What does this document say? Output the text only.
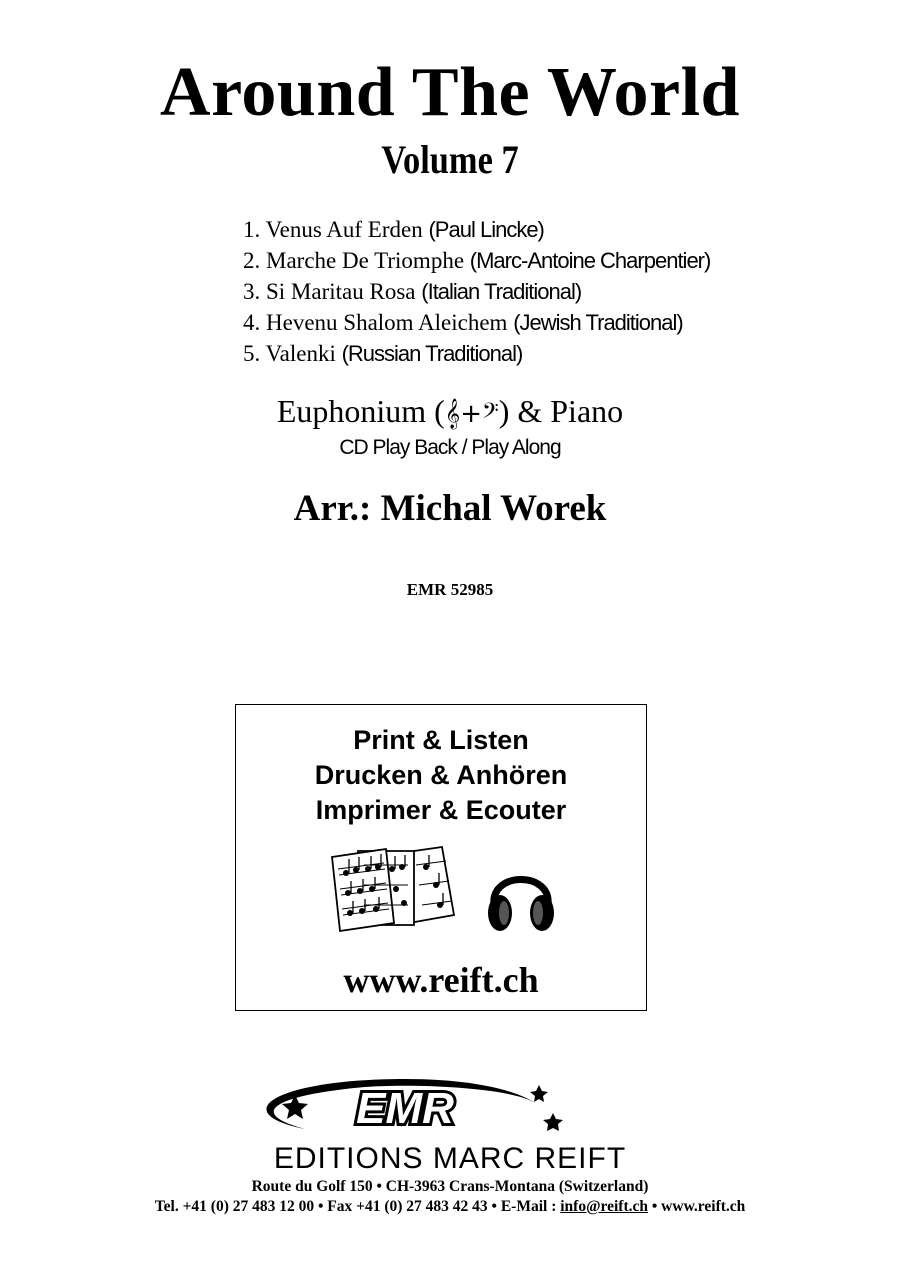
Around The World
Volume 7
1. Venus Auf Erden (Paul Lincke)
2. Marche De Triomphe (Marc-Antoine Charpentier)
3. Si Maritau Rosa (Italian Traditional)
4. Hevenu Shalom Aleichem (Jewish Traditional)
5. Valenki (Russian Traditional)
Euphonium (𝄞+𝄢) & Piano
CD Play Back / Play Along
Arr.: Michal Worek
EMR 52985
Print & Listen
Drucken & Anhören
Imprimer & Ecouter
www.reift.ch
EMR
EDITIONS MARC REIFT
Route du Golf 150 • CH-3963 Crans-Montana (Switzerland)
Tel. +41 (0) 27 483 12 00 • Fax +41 (0) 27 483 42 43 • E-Mail : info@reift.ch • www.reift.ch
